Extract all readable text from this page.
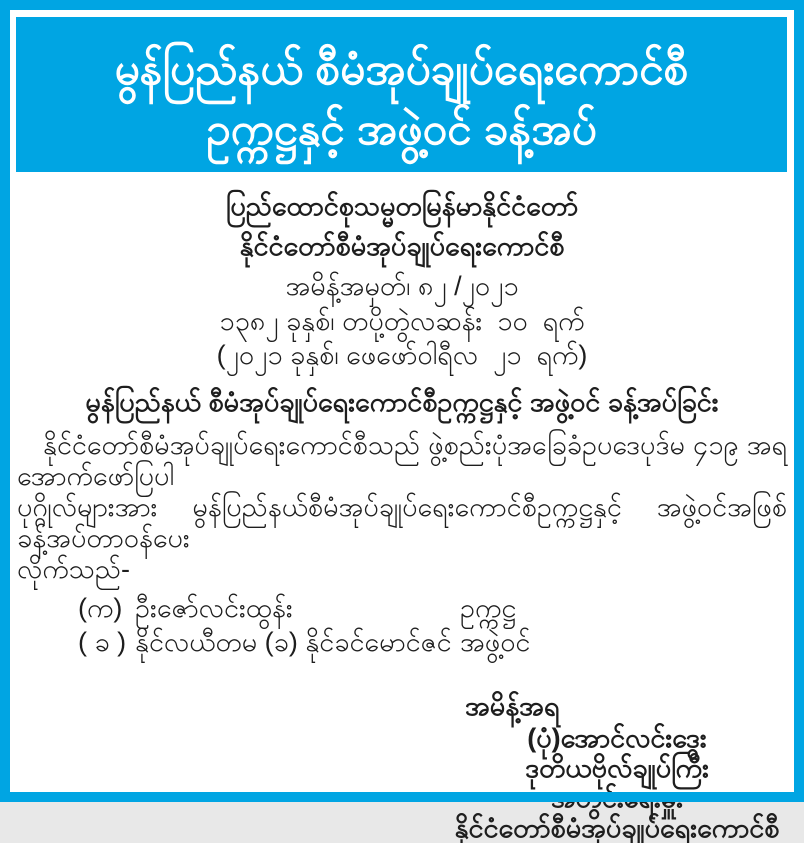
မွန်ပြည်နယ် စီမံအုပ်ချုပ်ရေးကောင်စီ
ဥက္ကဋ္ဌနှင့် အဖွဲ့ဝင် ခန့်အပ်
ပြည်ထောင်စုသမ္မတမြန်မာနိုင်ငံတော်
နိုင်ငံတော်စီမံအုပ်ချုပ်ရေးကောင်စီ
အမိန့်အမှတ်၊ ၈၂ /၂၀၂၁
၁၃၈၂ ခုနှစ်၊ တပို့တွဲလဆန်း  ၁၀  ရက်
(၂၀၂၁ ခုနှစ်၊ ဖေဖော်ဝါရီလ  ၂၁  ရက်)
မွန်ပြည်နယ် စီမံအုပ်ချုပ်ရေးကောင်စီဥက္ကဋ္ဌနှင့် အဖွဲ့ဝင် ခန့်အပ်ခြင်း
နိုင်ငံတော်စီမံအုပ်ချုပ်ရေးကောင်စီသည် ဖွဲ့စည်းပုံအခြေခံဥပဒေပုဒ်မ ၄၁၉ အရ အောက်ဖော်ပြပါ
ပုဂ္ဂိုလ်များအား မွန်ပြည်နယ်စီမံအုပ်ချုပ်ရေးကောင်စီဥက္ကဋ္ဌနှင့် အဖွဲ့ဝင်အဖြစ် ခန့်အပ်တာဝန်ပေး
လိုက်သည်-
(က) ဦးဇော်လင်းထွန်း	ဥက္ကဋ္ဌ
( ခ ) နိုင်လယီတမ (ခ) နိုင်ခင်မောင်ဇင် အဖွဲ့ဝင်
အမိန့်အရ
(ပုံ)အောင်လင်းဒွေး
ဒုတိယဗိုလ်ချုပ်ကြီး
အတွင်းရေးမှူး
နိုင်ငံတော်စီမံအုပ်ချုပ်ရေးကောင်စီ
